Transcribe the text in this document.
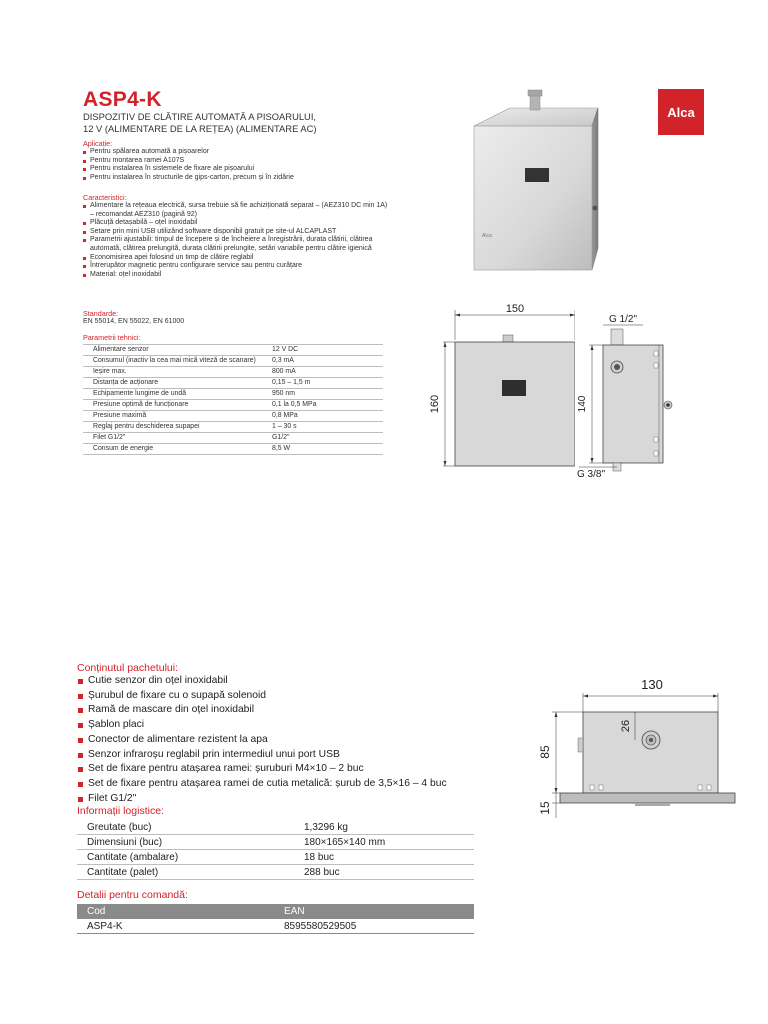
ASP4-K
DISPOZITIV DE CLĂTIRE AUTOMATĂ A PISOARULUI,
12 V (ALIMENTARE DE LA REȚEA) (ALIMENTARE AC)
Alca
Aplicație:
Pentru spălarea automată a pișoarelor
Pentru montarea ramei A107S
Pentru instalarea în sistemele de fixare ale pișoarului
Pentru instalarea în structurile de gips-carton, precum și în zidărie
Caracteristici:
Alimentare la rețeaua electrică, sursa trebuie să fie achiziționată separat – (AEZ310 DC min 1A) – recomandat AEZ310 (pagină 92)
Plăcuță detașabilă – oțel inoxidabil
Setare prin mini USB utilizând software disponibil gratuit pe site-ul ALCAPLAST
Parametrii ajustabili: timpul de începere și de încheiere a înregistrării, durata clătirii, clătirea automată, clătirea prelungită, durata clătirii prelungite, setări variabile pentru clătire igienică
Economisirea apei folosind un timp de clătire reglabil
Întrerupător magnetic pentru configurare service sau pentru curățare
Material: oțel inoxidabil
Standarde:
EN 55014, EN 55022, EN 61000
Parametrii tehnici:
Alimentare senzor	12 V DC
Consumul (inactiv la cea mai mică viteză de scanare)	0,3 mA
Ieșire max.	800 mA
Distanța de acționare	0,15 – 1,5 m
Echipamente lungime de undă	950 nm
Presiune optimă de funcționare	0,1 la 0,5 MPa
Presiune maximă	0,8 MPa
Reglaj pentru deschiderea supapei	1 – 30 s
Filet G1/2"	G1/2"
Consum de energie	8,5 W
Alca
150
160
G 1/2"
140
G 3/8"
130
26
85
15
Conținutul pachetului:
Cutie senzor din oțel inoxidabil
Șurubul de fixare cu o supapă solenoid
Ramă de mascare din oțel inoxidabil
Șablon placi
Conector de alimentare rezistent la apa
Senzor infraroșu reglabil prin intermediul unui port USB
Set de fixare pentru atașarea ramei: șuruburi M4×10 – 2 buc
Set de fixare pentru atașarea ramei de cutia metalică: șurub de 3,5×16 – 4 buc
Filet G1/2"
Informații logistice:
Greutate (buc)	1,3296 kg
Dimensiuni (buc)	180×165×140 mm
Cantitate (ambalare)	18 buc
Cantitate (palet)	288 buc
Detalii pentru comandă:
Cod	EAN
ASP4-K	8595580529505
